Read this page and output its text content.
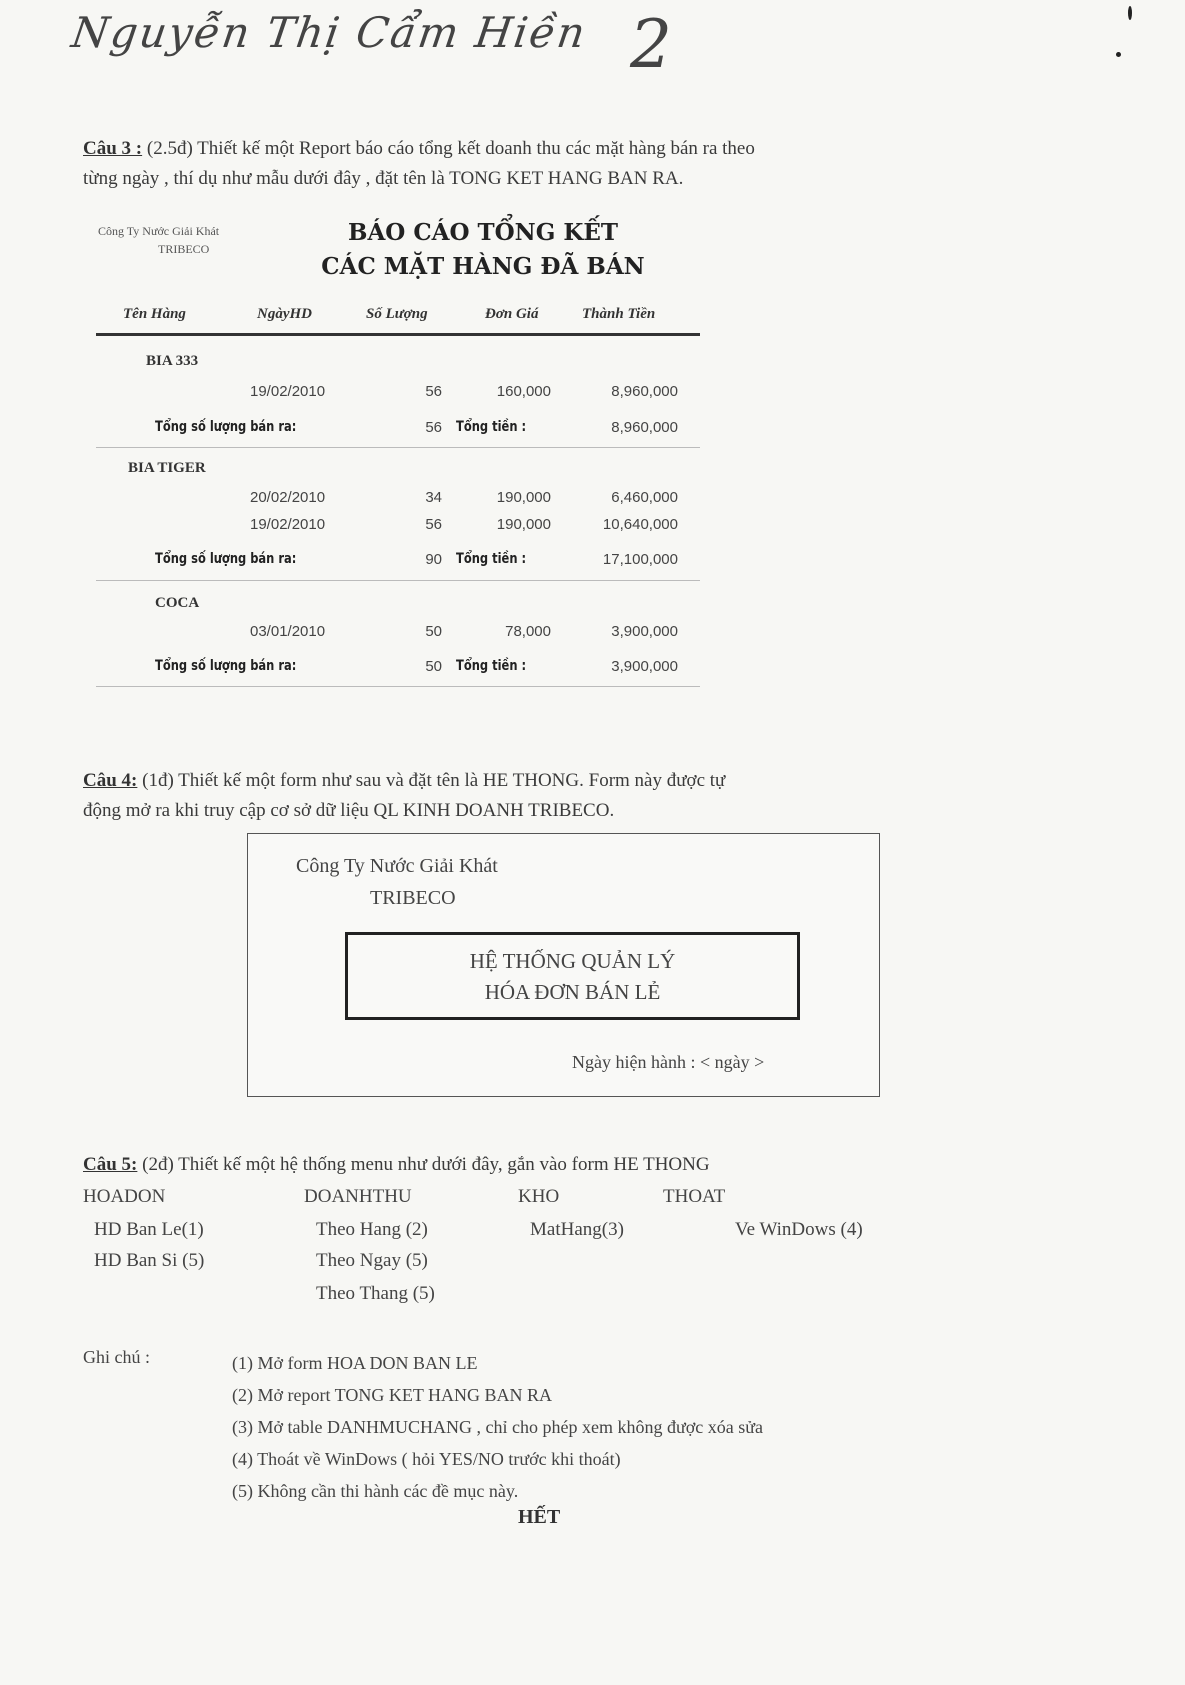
Nguyễn Thị Cẩm Hiền 2
Câu 3 : (2.5đ) Thiết kế một Report báo cáo tổng kết doanh thu các mặt hàng bán ra theo
từng ngày , thí dụ như mẫu dưới đây , đặt tên là TONG KET HANG BAN RA.
Công Ty Nước Giải Khát
TRIBECO
BÁO CÁO TỔNG KẾT
CÁC MẶT HÀNG ĐÃ BÁN
Tên Hàng	NgàyHD	Số Lượng	Đơn Giá	Thành Tiền
BIA 333
19/02/2010	56	160,000	8,960,000
Tổng số lượng bán ra:	56 Tổng tiền :	8,960,000
BIA TIGER
20/02/2010	34	190,000	6,460,000
19/02/2010	56	190,000	10,640,000
Tổng số lượng bán ra:	90 Tổng tiền :	17,100,000
COCA
03/01/2010	50	78,000	3,900,000
Tổng số lượng bán ra:	50 Tổng tiền :	3,900,000
Câu 4: (1đ) Thiết kế một form như sau và đặt tên là HE THONG. Form này được tự
động mở ra khi truy cập cơ sở dữ liệu QL KINH DOANH TRIBECO.
Công Ty Nước Giải Khát
TRIBECO
HỆ THỐNG QUẢN LÝ
HÓA ĐƠN BÁN LẺ
Ngày hiện hành : < ngày >
Câu 5: (2đ) Thiết kế một hệ thống menu như dưới đây, gắn vào form HE THONG
HOADON	DOANHTHU	KHO	THOAT
HD Ban Le(1)
HD Ban Si (5)
Theo Hang (2)
Theo Ngay (5)
Theo Thang (5)
MatHang(3)	Ve WinDows (4)
Ghi chú :	(1) Mở form HOA DON BAN LE
(2) Mở report TONG KET HANG BAN RA
(3) Mở table DANHMUCHANG , chỉ cho phép xem không được xóa sửa
(4) Thoát về WinDows ( hỏi YES/NO trước khi thoát)
(5) Không cần thi hành các đề mục này.
HẾT
